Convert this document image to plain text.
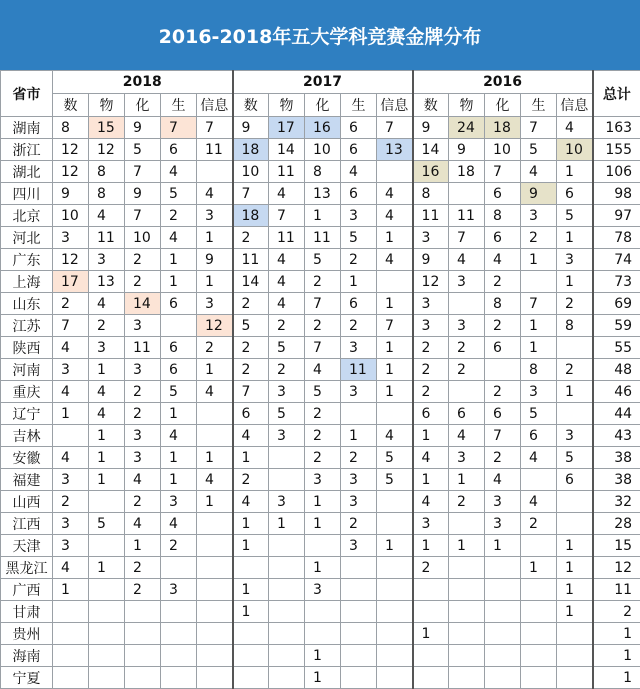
2016-2018年五大学科竞赛金牌分布
省市	2018					2017					2016					总计
	数	物	化	生	信息	数	物	化	生	信息	数	物	化	生	信息	
湖南	8	15	9	7	7	9	17	16	6	7	9	24	18	7	4	163
浙江	12	12	5	6	11	18	14	10	6	13	14	9	10	5	10	155
湖北	12	8	7	4		10	11	8	4		16	18	7	4	1	106
四川	9	8	9	5	4	7	4	13	6	4	8		6	9	6	98
北京	10	4	7	2	3	18	7	1	3	4	11	11	8	3	5	97
河北	3	11	10	4	1	2	11	11	5	1	3	7	6	2	1	78
广东	12	3	2	1	9	11	4	5	2	4	9	4	4	1	3	74
上海	17	13	2	1	1	14	4	2	1		12	3	2		1	73
山东	2	4	14	6	3	2	4	7	6	1	3		8	7	2	69
江苏	7	2	3		12	5	2	2	2	7	3	3	2	1	8	59
陕西	4	3	11	6	2	2	5	7	3	1	2	2	6	1		55
河南	3	1	3	6	1	2	2	4	11	1	2	2		8	2	48
重庆	4	4	2	5	4	7	3	5	3	1	2		2	3	1	46
辽宁	1	4	2	1		6	5	2			6	6	6	5		44
吉林		1	3	4		4	3	2	1	4	1	4	7	6	3	43
安徽	4	1	3	1	1	1		2	2	5	4	3	2	4	5	38
福建	3	1	4	1	4	2		3	3	5	1	1	4		6	38
山西	2		2	3	1	4	3	1	3		4	2	3	4		32
江西	3	5	4	4		1	1	1	2		3		3	2		28
天津	3		1	2		1			3	1	1	1	1		1	15
黑龙江	4	1	2					1			2			1	1	12
广西	1		2	3		1		3							1	11
甘肃						1									1	2
贵州											1					1
海南								1								1
宁夏								1								1
